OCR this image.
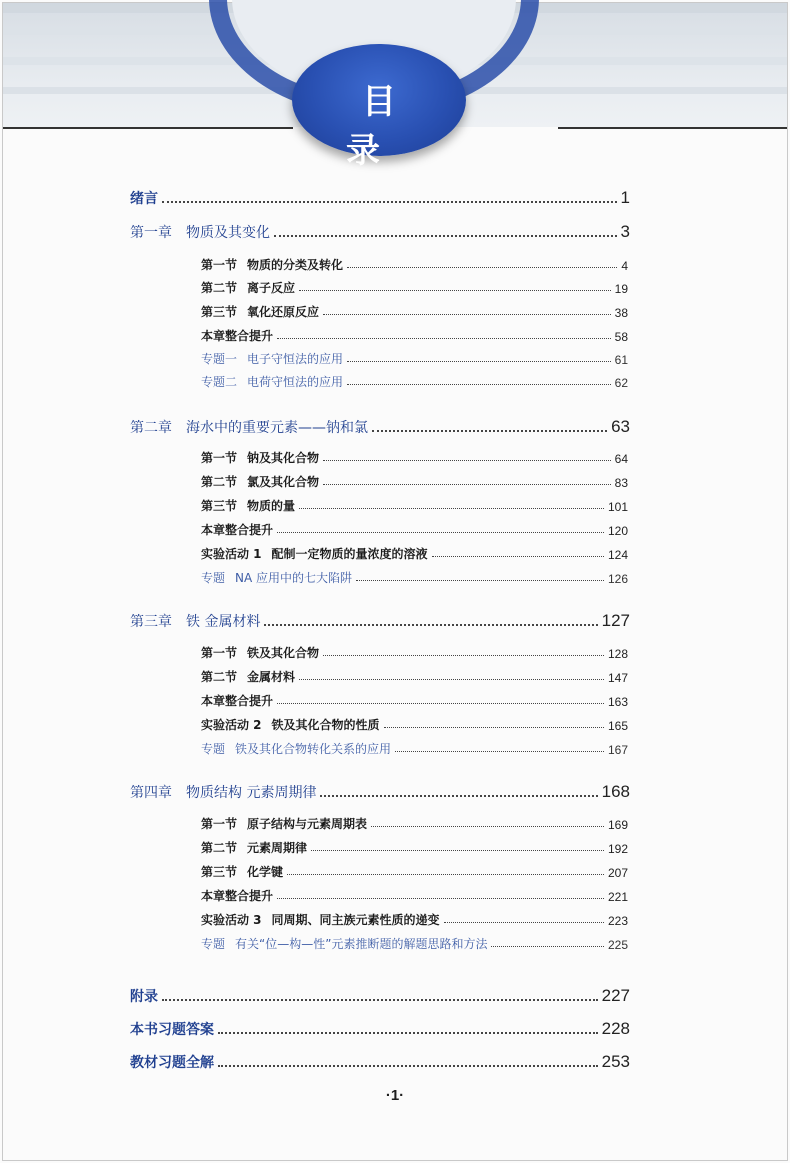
目 录
绪言	1
第一章 物质及其变化	3
第一节 物质的分类及转化	4
第二节 离子反应	19
第三节 氧化还原反应	38
本章整合提升	58
专题一 电子守恒法的应用	61
专题二 电荷守恒法的应用	62
第二章 海水中的重要元素——钠和氯	63
第一节 钠及其化合物	64
第二节 氯及其化合物	83
第三节 物质的量	101
本章整合提升	120
实验活动 1 配制一定物质的量浓度的溶液	124
专题 NA 应用中的七大陷阱	126
第三章 铁 金属材料	127
第一节 铁及其化合物	128
第二节 金属材料	147
本章整合提升	163
实验活动 2 铁及其化合物的性质	165
专题 铁及其化合物转化关系的应用	167
第四章 物质结构 元素周期律	168
第一节 原子结构与元素周期表	169
第二节 元素周期律	192
第三节 化学键	207
本章整合提升	221
实验活动 3 同周期、同主族元素性质的递变	223
专题 有关“位—构—性”元素推断题的解题思路和方法	225
附录	227
本书习题答案	228
教材习题全解	253
·1·
